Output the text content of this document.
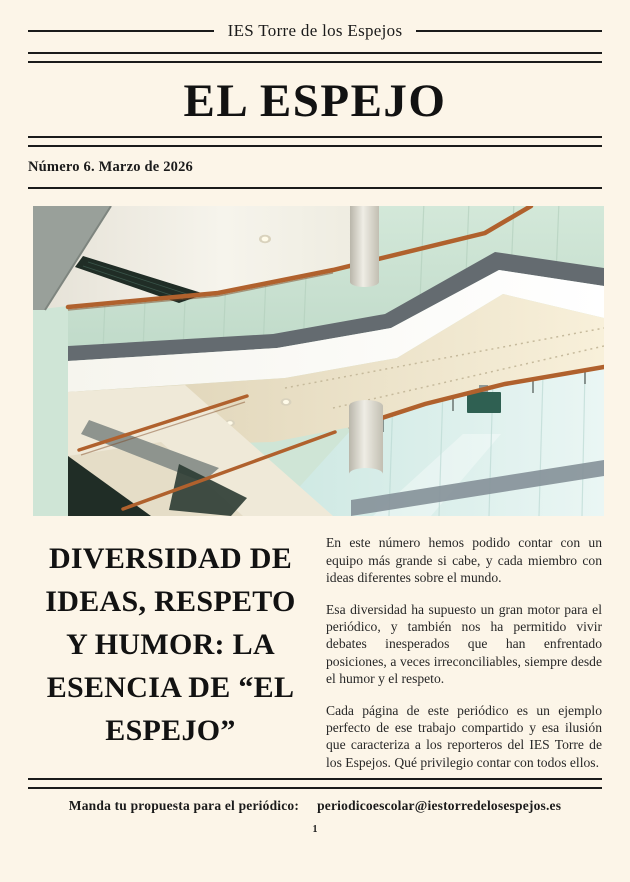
IES Torre de los Espejos
EL ESPEJO
Número 6. Marzo de 2026
DIVERSIDAD DE
IDEAS, RESPETO
Y HUMOR: LA
ESENCIA DE “EL
ESPEJO”

En este número hemos podido contar con un equipo más grande si cabe, y cada miembro con ideas diferentes sobre el mundo.

Esa diversidad ha supuesto un gran motor para el periódico, y también nos ha permitido vivir debates inesperados que han enfrentado posiciones, a veces irreconciliables, siempre desde el humor y el respeto.

Cada página de este periódico es un ejemplo perfecto de ese trabajo compartido y esa ilusión que caracteriza a los reporteros del IES Torre de los Espejos. Qué privilegio contar con todos ellos.

Manda tu propuesta para el periódico: periodicoescolar@iestorredelosespejos.es
1
